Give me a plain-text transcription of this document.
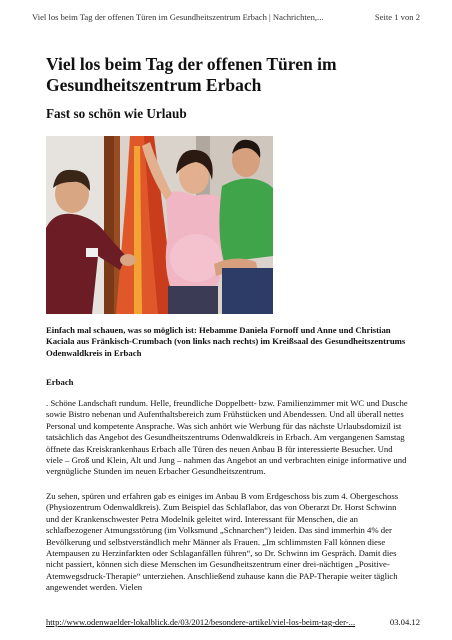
Viel los beim Tag der offenen Türen im Gesundheitszentrum Erbach | Nachrichten,...	Seite 1 von 2
Viel los beim Tag der offenen Türen im Gesundheitszentrum Erbach
Fast so schön wie Urlaub

Einfach mal schauen, was so möglich ist: Hebamme Daniela Fornoff und Anne und Christian Kaciala aus Fränkisch-Crumbach (von links nach rechts) im Kreißsaal des Gesundheitszentrums Odenwaldkreis in Erbach

Erbach

. Schöne Landschaft rundum. Helle, freundliche Doppelbett- bzw. Familienzimmer mit WC und Dusche sowie Bistro nebenan und Aufenthaltsbereich zum Frühstücken und Abendessen. Und all überall nettes Personal und kompetente Ansprache. Was sich anhört wie Werbung für das nächste Urlaubsdomizil ist tatsächlich das Angebot des Gesundheitszentrums Odenwaldkreis in Erbach. Am vergangenen Samstag öffnete das Kreiskrankenhaus Erbach alle Türen des neuen Anbau B für interessierte Besucher. Und viele – Groß und Klein, Alt und Jung – nahmen das Angebot an und verbrachten einige informative und vergnügliche Stunden im neuen Erbacher Gesundheitszentrum.

Zu sehen, spüren und erfahren gab es einiges im Anbau B vom Erdgeschoss bis zum 4. Obergeschoss (Physiozentrum Odenwaldkreis). Zum Beispiel das Schlaflabor, das von Oberarzt Dr. Horst Schwinn und der Krankenschwester Petra Modelnik geleitet wird. Interessant für Menschen, die an schlafbezogener Atmungsstörung (im Volksmund „Schnarchen“) leiden. Das sind immerhin 4% der Bevölkerung und selbstverständlich mehr Männer als Frauen. „Im schlimmsten Fall können diese Atempausen zu Herzinfarkten oder Schlaganfällen führen“, so Dr. Schwinn im Gespräch. Damit dies nicht passiert, können sich diese Menschen im Gesundheitszentrum einer drei-nächtigen „Positive- Atemwegsdruck-Therapie“ unterziehen. Anschließend zuhause kann die PAP-Therapie weiter täglich angewendet werden. Vielen

http://www.odenwaelder-lokalblick.de/03/2012/besondere-artikel/viel-los-beim-tag-der-...	03.04.12
